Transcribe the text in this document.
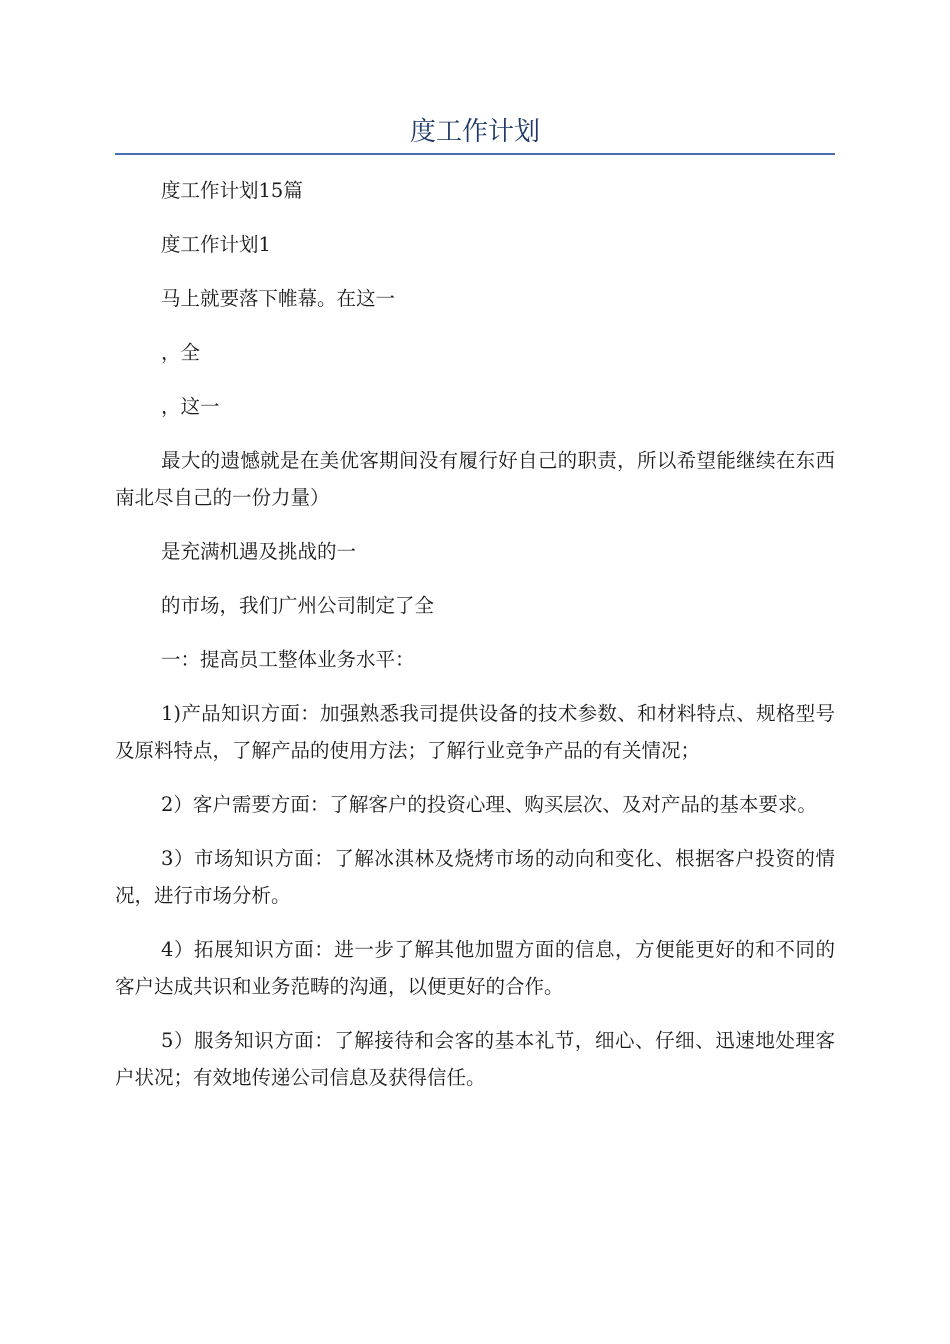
度工作计划

度工作计划15篇

度工作计划1

马上就要落下帷幕。在这一

，全

，这一

最大的遗憾就是在美优客期间没有履行好自己的职责，所以希望能继续在东西南北尽自己的一份力量）

是充满机遇及挑战的一

的市场，我们广州公司制定了全

一：提高员工整体业务水平：

1)产品知识方面：加强熟悉我司提供设备的技术参数、和材料特点、规格型号及原料特点，了解产品的使用方法；了解行业竞争产品的有关情况；

2）客户需要方面：了解客户的投资心理、购买层次、及对产品的基本要求。

3）市场知识方面：了解冰淇林及烧烤市场的动向和变化、根据客户投资的情况，进行市场分析。

4）拓展知识方面：进一步了解其他加盟方面的信息，方便能更好的和不同的客户达成共识和业务范畴的沟通，以便更好的合作。

5）服务知识方面：了解接待和会客的基本礼节，细心、仔细、迅速地处理客户状况；有效地传递公司信息及获得信任。
